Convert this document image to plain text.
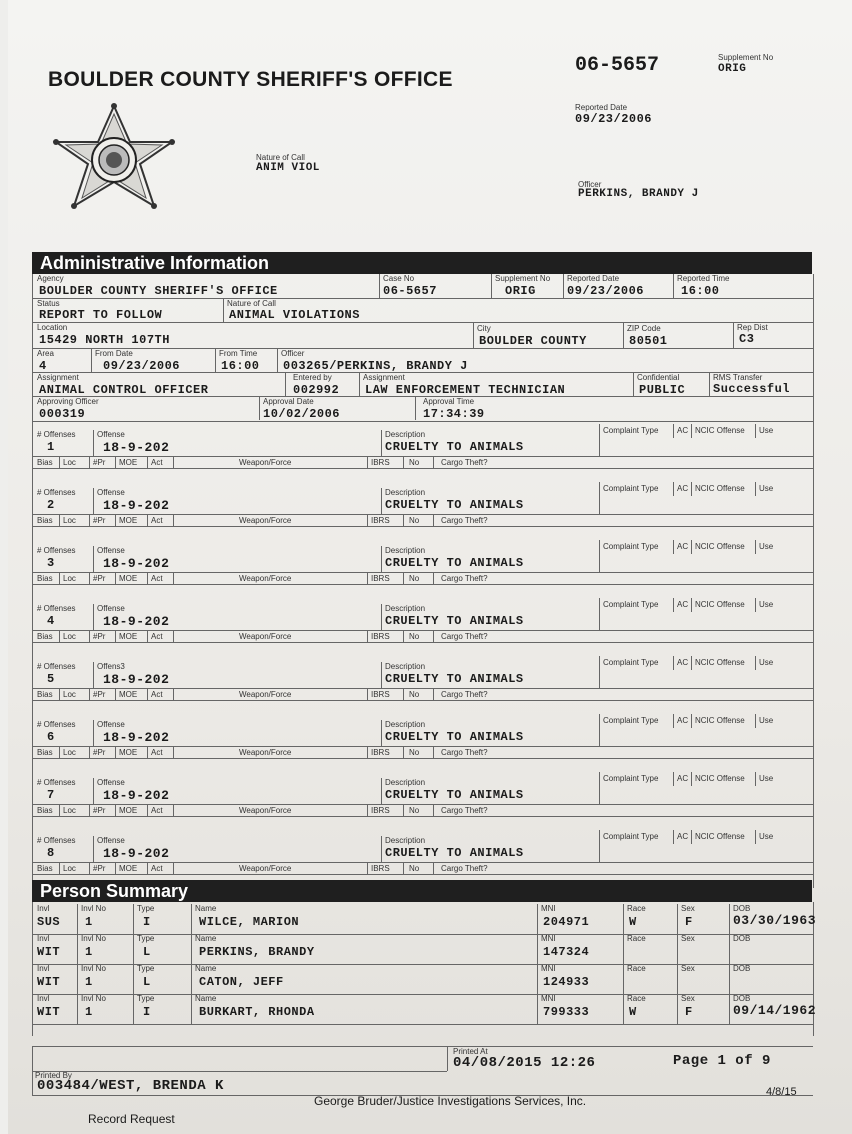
BOULDER COUNTY SHERIFF'S OFFICE
06-5657	Supplement No
ORIG
Reported Date
09/23/2006
Nature of Call
ANIM VIOL
Officer
PERKINS, BRANDY J
Administrative Information
Agency
BOULDER COUNTY SHERIFF'S OFFICE
Case No
06-5657
Supplement No
ORIG
Reported Date
09/23/2006
Reported Time
16:00
Status
REPORT TO FOLLOW
Nature of Call
ANIMAL VIOLATIONS
Location
15429 NORTH 107TH
City
BOULDER COUNTY
ZIP Code
80501
Rep Dist
C3
Area
4
From Date
09/23/2006
From Time
16:00
Officer
003265/PERKINS, BRANDY J
Assignment
ANIMAL CONTROL OFFICER
Entered by
002992
Assignment
LAW ENFORCEMENT TECHNICIAN
Confidential
PUBLIC
RMS Transfer
Successful
Approving Officer
000319
Approval Date
10/02/2006
Approval Time
17:34:39
# Offenses
1
Offense
18-9-202
Description
CRUELTY TO ANIMALS
Complaint Type AC NCIC Offense Use
Bias Loc #Pr MOE Act	Weapon/Force	IBRS No	Cargo Theft?
# Offenses
2
Offense
18-9-202
Description
CRUELTY TO ANIMALS
Complaint Type AC NCIC Offense Use
Bias Loc #Pr MOE Act	Weapon/Force	IBRS No	Cargo Theft?
# Offenses
3
Offense
18-9-202
Description
CRUELTY TO ANIMALS
Complaint Type AC NCIC Offense Use
Bias Loc #Pr MOE Act	Weapon/Force	IBRS No	Cargo Theft?
# Offenses
4
Offense
18-9-202
Description
CRUELTY TO ANIMALS
Complaint Type AC NCIC Offense Use
Bias Loc #Pr MOE Act	Weapon/Force	IBRS No	Cargo Theft?
# Offenses
5
Offens3
18-9-202
Description
CRUELTY TO ANIMALS
Complaint Type AC NCIC Offense Use
Bias Loc #Pr MOE Act	Weapon/Force	IBRS No	Cargo Theft?
# Offenses
6
Offense
18-9-202
Description
CRUELTY TO ANIMALS
Complaint Type AC NCIC Offense Use
Bias Loc #Pr MOE Act	Weapon/Force	IBRS No	Cargo Theft?
# Offenses
7
Offense
18-9-202
Description
CRUELTY TO ANIMALS
Complaint Type AC NCIC Offense Use
Bias Loc #Pr MOE Act	Weapon/Force	IBRS No	Cargo Theft?
# Offenses
8
Offense
18-9-202
Description
CRUELTY TO ANIMALS
Complaint Type AC NCIC Offense Use
Bias Loc #Pr MOE Act	Weapon/Force	IBRS No	Cargo Theft?
Person Summary
Invl
SUS
Invl No
1
Type
I
Name
WILCE, MARION
MNI
204971
Race
W
Sex
F
DOB
03/30/1963
Invl
WIT
Invl No
1
Type
L
Name
PERKINS, BRANDY
MNI
147324
Race	Sex	DOB
Invl
WIT
Invl No
1
Type
L
Name
CATON, JEFF
MNI
124933
Race	Sex	DOB
Invl
WIT
Invl No
1
Type
I
Name
BURKART, RHONDA
MNI
799333
Race
W
Sex
F
DOB
09/14/1962
Printed At
04/08/2015 12:26	Page 1 of 9
Printed By
003484/WEST, BRENDA K	4/8/15
George Bruder/Justice Investigations Services, Inc.
Record Request
